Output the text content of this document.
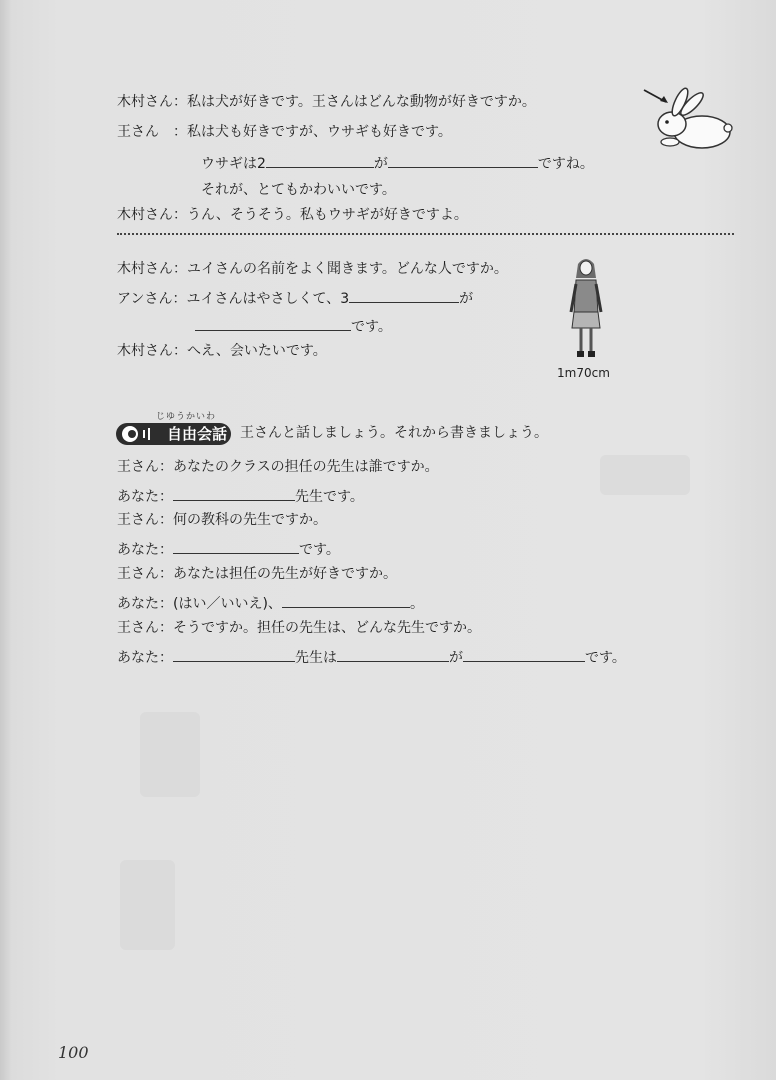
木村さん：私は犬が好きです。王さんはどんな動物が好きですか。
王さん　：私は犬も好きですが、ウサギも好きです。
ウサギは2	が	ですね。
それが、とてもかわいいです。
木村さん：うん、そうそう。私もウサギが好きですよ。
木村さん：ユイさんの名前をよく聞きます。どんな人ですか。
アンさん：ユイさんはやさしくて、3	が
です。
木村さん：へえ、会いたいです。
1m70cm
自由会話
じゆうかいわ
王さんと話しましょう。それから書きましょう。
王さん：あなたのクラスの担任の先生は誰ですか。
あなた：	先生です。
王さん：何の教科の先生ですか。
あなた：	です。
王さん：あなたは担任の先生が好きですか。
あなた：(はい／いいえ)、	。
王さん：そうですか。担任の先生は、どんな先生ですか。
あなた：	先生は	が	です。
100
